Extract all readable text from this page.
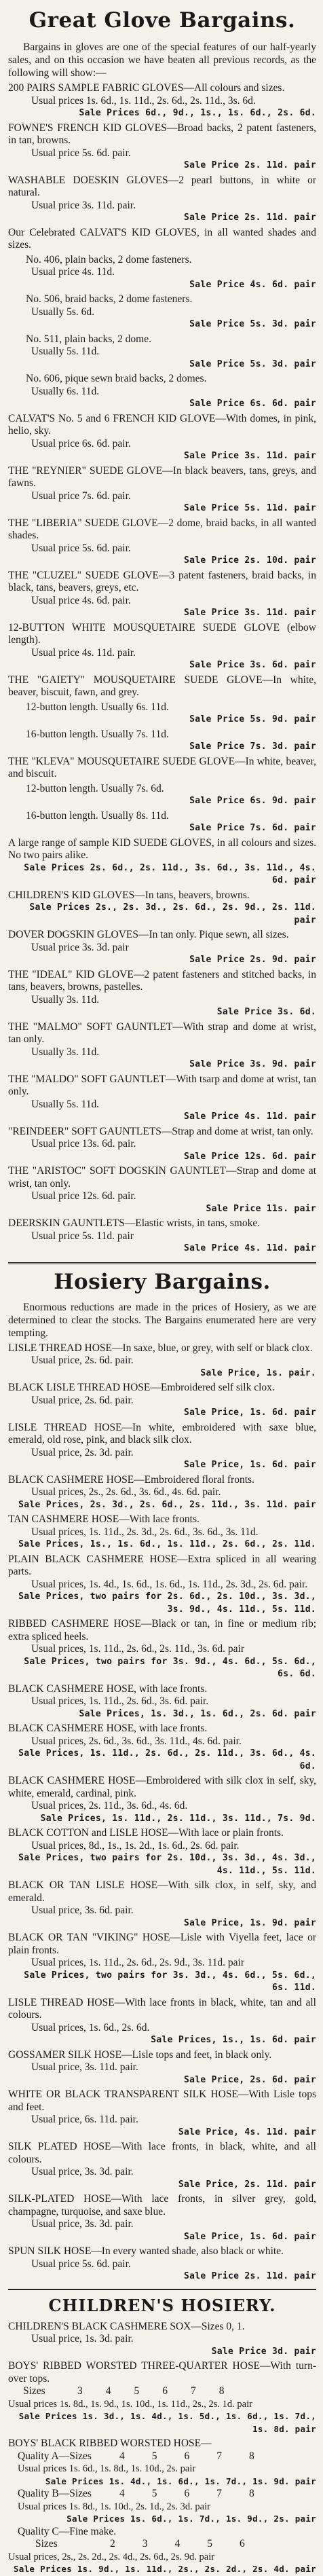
Great Glove Bargains.
Bargains in gloves are one of the special features of our half-yearly sales, and on this occasion we have beaten all previous records, as the following will show:—
200 PAIRS SAMPLE FABRIC GLOVES—All colours and sizes.
Usual prices 1s. 6d., 1s. 11d., 2s. 6d., 2s. 11d., 3s. 6d.
Sale Prices 6d., 9d., 1s., 1s. 6d., 2s. 6d.
FOWNE'S FRENCH KID GLOVES—Broad backs, 2 patent fasteners, in tan, browns.
Usual price 5s. 6d. pair.
Sale Price 2s. 11d. pair
WASHABLE DOESKIN GLOVES—2 pearl buttons, in white or natural.
Usual price 3s. 11d. pair.
Sale Price 2s. 11d. pair
Our Celebrated CALVAT'S KID GLOVES, in all wanted shades and sizes.
No. 406, plain backs, 2 dome fasteners.
Usual price 4s. 11d.
Sale Price 4s. 6d. pair
No. 506, braid backs, 2 dome fasteners.
Usually 5s. 6d.
Sale Price 5s. 3d. pair
No. 511, plain backs, 2 dome.
Usually 5s. 11d.
Sale Price 5s. 3d. pair
No. 606, pique sewn braid backs, 2 domes.
Usually 6s. 11d.
Sale Price 6s. 6d. pair
CALVAT'S No. 5 and 6 FRENCH KID GLOVE—With domes, in pink, helio, sky.
Usual price 6s. 6d. pair.
Sale Price 3s. 11d. pair
THE "REYNIER" SUEDE GLOVE—In black beavers, tans, greys, and fawns.
Usual price 7s. 6d. pair.
Sale Price 5s. 11d. pair
THE "LIBERIA" SUEDE GLOVE—2 dome, braid backs, in all wanted shades.
Usual price 5s. 6d. pair.
Sale Price 2s. 10d. pair
THE "CLUZEL" SUEDE GLOVE—3 patent fasteners, braid backs, in black, tans, beavers, greys, etc.
Usual price 4s. 6d. pair.
Sale Price 3s. 11d. pair
12-BUTTON WHITE MOUSQUETAIRE SUEDE GLOVE (elbow length).
Usual price 4s. 11d. pair.
Sale Price 3s. 6d. pair
THE "GAIETY" MOUSQUETAIRE SUEDE GLOVE—In white, beaver, biscuit, fawn, and grey.
12-button length. Usually 6s. 11d.
Sale Price 5s. 9d. pair
16-button length. Usually 7s. 11d.
Sale Price 7s. 3d. pair
THE "KLEVA" MOUSQUETAIRE SUEDE GLOVE—In white, beaver, and biscuit.
12-button length. Usually 7s. 6d.
Sale Price 6s. 9d. pair
16-button length. Usually 8s. 11d.
Sale Price 7s. 6d. pair
A large range of sample KID SUEDE GLOVES, in all colours and sizes. No two pairs alike.
Sale Prices 2s. 6d., 2s. 11d., 3s. 6d., 3s. 11d., 4s. 6d. pair
CHILDREN'S KID GLOVES—In tans, beavers, browns.
Sale Prices 2s., 2s. 3d., 2s. 6d., 2s. 9d., 2s. 11d. pair
DOVER DOGSKIN GLOVES—In tan only. Pique sewn, all sizes.
Usual price 3s. 3d. pair
Sale Price 2s. 9d. pair
THE "IDEAL" KID GLOVE—2 patent fasteners and stitched backs, in tans, beavers, browns, pastelles.
Usually 3s. 11d.
Sale Price 3s. 6d.
THE "MALMO" SOFT GAUNTLET—With strap and dome at wrist, tan only.
Usually 3s. 11d.
Sale Price 3s. 9d. pair
THE "MALDO" SOFT GAUNTLET—With tsarp and dome at wrist, tan only.
Usually 5s. 11d.
Sale Price 4s. 11d. pair
"REINDEER" SOFT GAUNTLETS—Strap and dome at wrist, tan only.
Usual price 13s. 6d. pair.
Sale Price 12s. 6d. pair
THE "ARISTOC" SOFT DOGSKIN GAUNTLET—Strap and dome at wrist, tan only.
Usual price 12s. 6d. pair.
Sale Price 11s. pair
DEERSKIN GAUNTLETS—Elastic wrists, in tans, smoke.
Usual price 5s. 11d. pair
Sale Price 4s. 11d. pair
Hosiery Bargains.
Enormous reductions are made in the prices of Hosiery, as we are determined to clear the stocks. The Bargains enumerated here are very tempting.
LISLE THREAD HOSE—In saxe, blue, or grey, with self or black clox.
Usual price, 2s. 6d. pair.
Sale Price, 1s. pair.
BLACK LISLE THREAD HOSE—Embroidered self silk clox.
Usual price, 2s. 6d. pair.
Sale Price, 1s. 6d. pair
LISLE THREAD HOSE—In white, embroidered with saxe blue, emerald, old rose, pink, and black silk clox.
Usual price, 2s. 3d. pair.
Sale Price, 1s. 6d. pair
BLACK CASHMERE HOSE—Embroidered floral fronts.
Usual prices, 2s., 2s. 6d., 3s. 6d., 4s. 6d. pair.
Sale Prices, 2s. 3d., 2s. 6d., 2s. 11d., 3s. 11d. pair
TAN CASHMERE HOSE—With lace fronts.
Usual prices, 1s. 11d., 2s. 3d., 2s. 6d., 3s. 6d., 3s. 11d.
Sale Prices, 1s., 1s. 6d., 1s. 11d., 2s. 6d., 2s. 11d.
PLAIN BLACK CASHMERE HOSE—Extra spliced in all wearing parts.
Usual prices, 1s. 4d., 1s. 6d., 1s. 6d., 1s. 11d., 2s. 3d., 2s. 6d. pair.
Sale Prices, two pairs for 2s. 6d., 2s. 10d., 3s. 3d., 3s. 9d., 4s. 11d., 5s. 11d.
RIBBED CASHMERE HOSE—Black or tan, in fine or medium rib; extra spliced heels.
Usual prices, 1s. 11d., 2s. 6d., 2s. 11d., 3s. 6d. pair
Sale Prices, two pairs for 3s. 9d., 4s. 6d., 5s. 6d., 6s. 6d.
BLACK CASHMERE HOSE, with lace fronts.
Usual prices, 1s. 11d., 2s. 6d., 3s. 6d. pair.
Sale Prices, 1s. 3d., 1s. 6d., 2s. 6d. pair
BLACK CASHMERE HOSE, with lace fronts.
Usual prices, 2s. 6d., 3s. 6d., 3s. 11d., 4s. 6d. pair.
Sale Prices, 1s. 11d., 2s. 6d., 2s. 11d., 3s. 6d., 4s. 6d.
BLACK CASHMERE HOSE—Embroidered with silk clox in self, sky, white, emerald, cardinal, pink.
Usual prices, 2s. 11d., 3s. 6d., 4s. 6d.
Sale Prices, 1s. 11d., 2s. 11d., 3s. 11d., 7s. 9d.
BLACK COTTON and LISLE HOSE—With lace or plain fronts.
Usual prices, 8d., 1s., 1s. 2d., 1s. 6d., 2s. 6d. pair.
Sale Prices, two pairs for 2s. 10d., 3s. 3d., 4s. 3d., 4s. 11d., 5s. 11d.
BLACK OR TAN LISLE HOSE—With silk clox, in self, sky, and emerald.
Usual price, 3s. 6d. pair.
Sale Price, 1s. 9d. pair
BLACK OR TAN "VIKING" HOSE—Lisle with Viyella feet, lace or plain fronts.
Usual prices, 1s. 11d., 2s. 6d., 2s. 9d., 3s. 11d. pair
Sale Prices, two pairs for 3s. 3d., 4s. 6d., 5s. 6d., 6s. 11d.
LISLE THREAD HOSE—With lace fronts in black, white, tan and all colours.
Usual prices, 1s. 6d., 2s. 6d.
Sale Prices, 1s., 1s. 6d. pair
GOSSAMER SILK HOSE—Lisle tops and feet, in black only.
Usual price, 3s. 11d. pair.
Sale Price, 2s. 6d. pair
WHITE OR BLACK TRANSPARENT SILK HOSE—With Lisle tops and feet.
Usual price, 6s. 11d. pair.
Sale Price, 4s. 11d. pair
SILK PLATED HOSE—With lace fronts, in black, white, and all colours.
Usual price, 3s. 3d. pair.
Sale Price, 2s. 11d. pair
SILK-PLATED HOSE—With lace fronts, in silver grey, gold, champagne, turquoise, and saxe blue.
Usual price, 3s. 3d. pair.
Sale Price, 1s. 6d. pair
SPUN SILK HOSE—In every wanted shade, also black or white.
Usual price 5s. 6d. pair.
Sale Price 2s. 11d. pair
CHILDREN'S HOSIERY.
CHILDREN'S BLACK CASHMERE SOX—Sizes 0, 1.
Usual price, 1s. 3d. pair.
Sale Price 3d. pair
BOYS' RIBBED WORSTED THREE-QUARTER HOSE—With turn-over tops.
Sizes	3 4 5 6 7 8
Usual prices 1s. 8d., 1s. 9d., 1s. 10d., 1s. 11d., 2s., 2s. 1d. pair
Sale Prices 1s. 3d., 1s. 4d., 1s. 5d., 1s. 6d., 1s. 7d., 1s. 8d. pair
BOYS' BLACK RIBBED WORSTED HOSE—
Quality A—Sizes	4	5	6	7	8
Usual prices 1s. 6d., 1s. 8d., 1s. 10d., 2s. pair
Sale Prices 1s. 4d., 1s. 6d., 1s. 7d., 1s. 9d. pair
Quality B—Sizes	4	5	6	7	8
Usual prices 1s. 8d., 1s. 10d., 2s. 1d., 2s. 3d. pair
Sale Prices 1s. 6d., 1s. 7d., 1s. 9d., 2s. pair
Quality C—Fine make.
Sizes	2	3	4	5	6
Usual prices, 2s., 2s. 2d., 2s. 4d., 2s. 6d., 2s. 9d. pair
Sale Prices 1s. 9d., 1s. 11d., 2s., 2s. 2d., 2s. 4d. pair
